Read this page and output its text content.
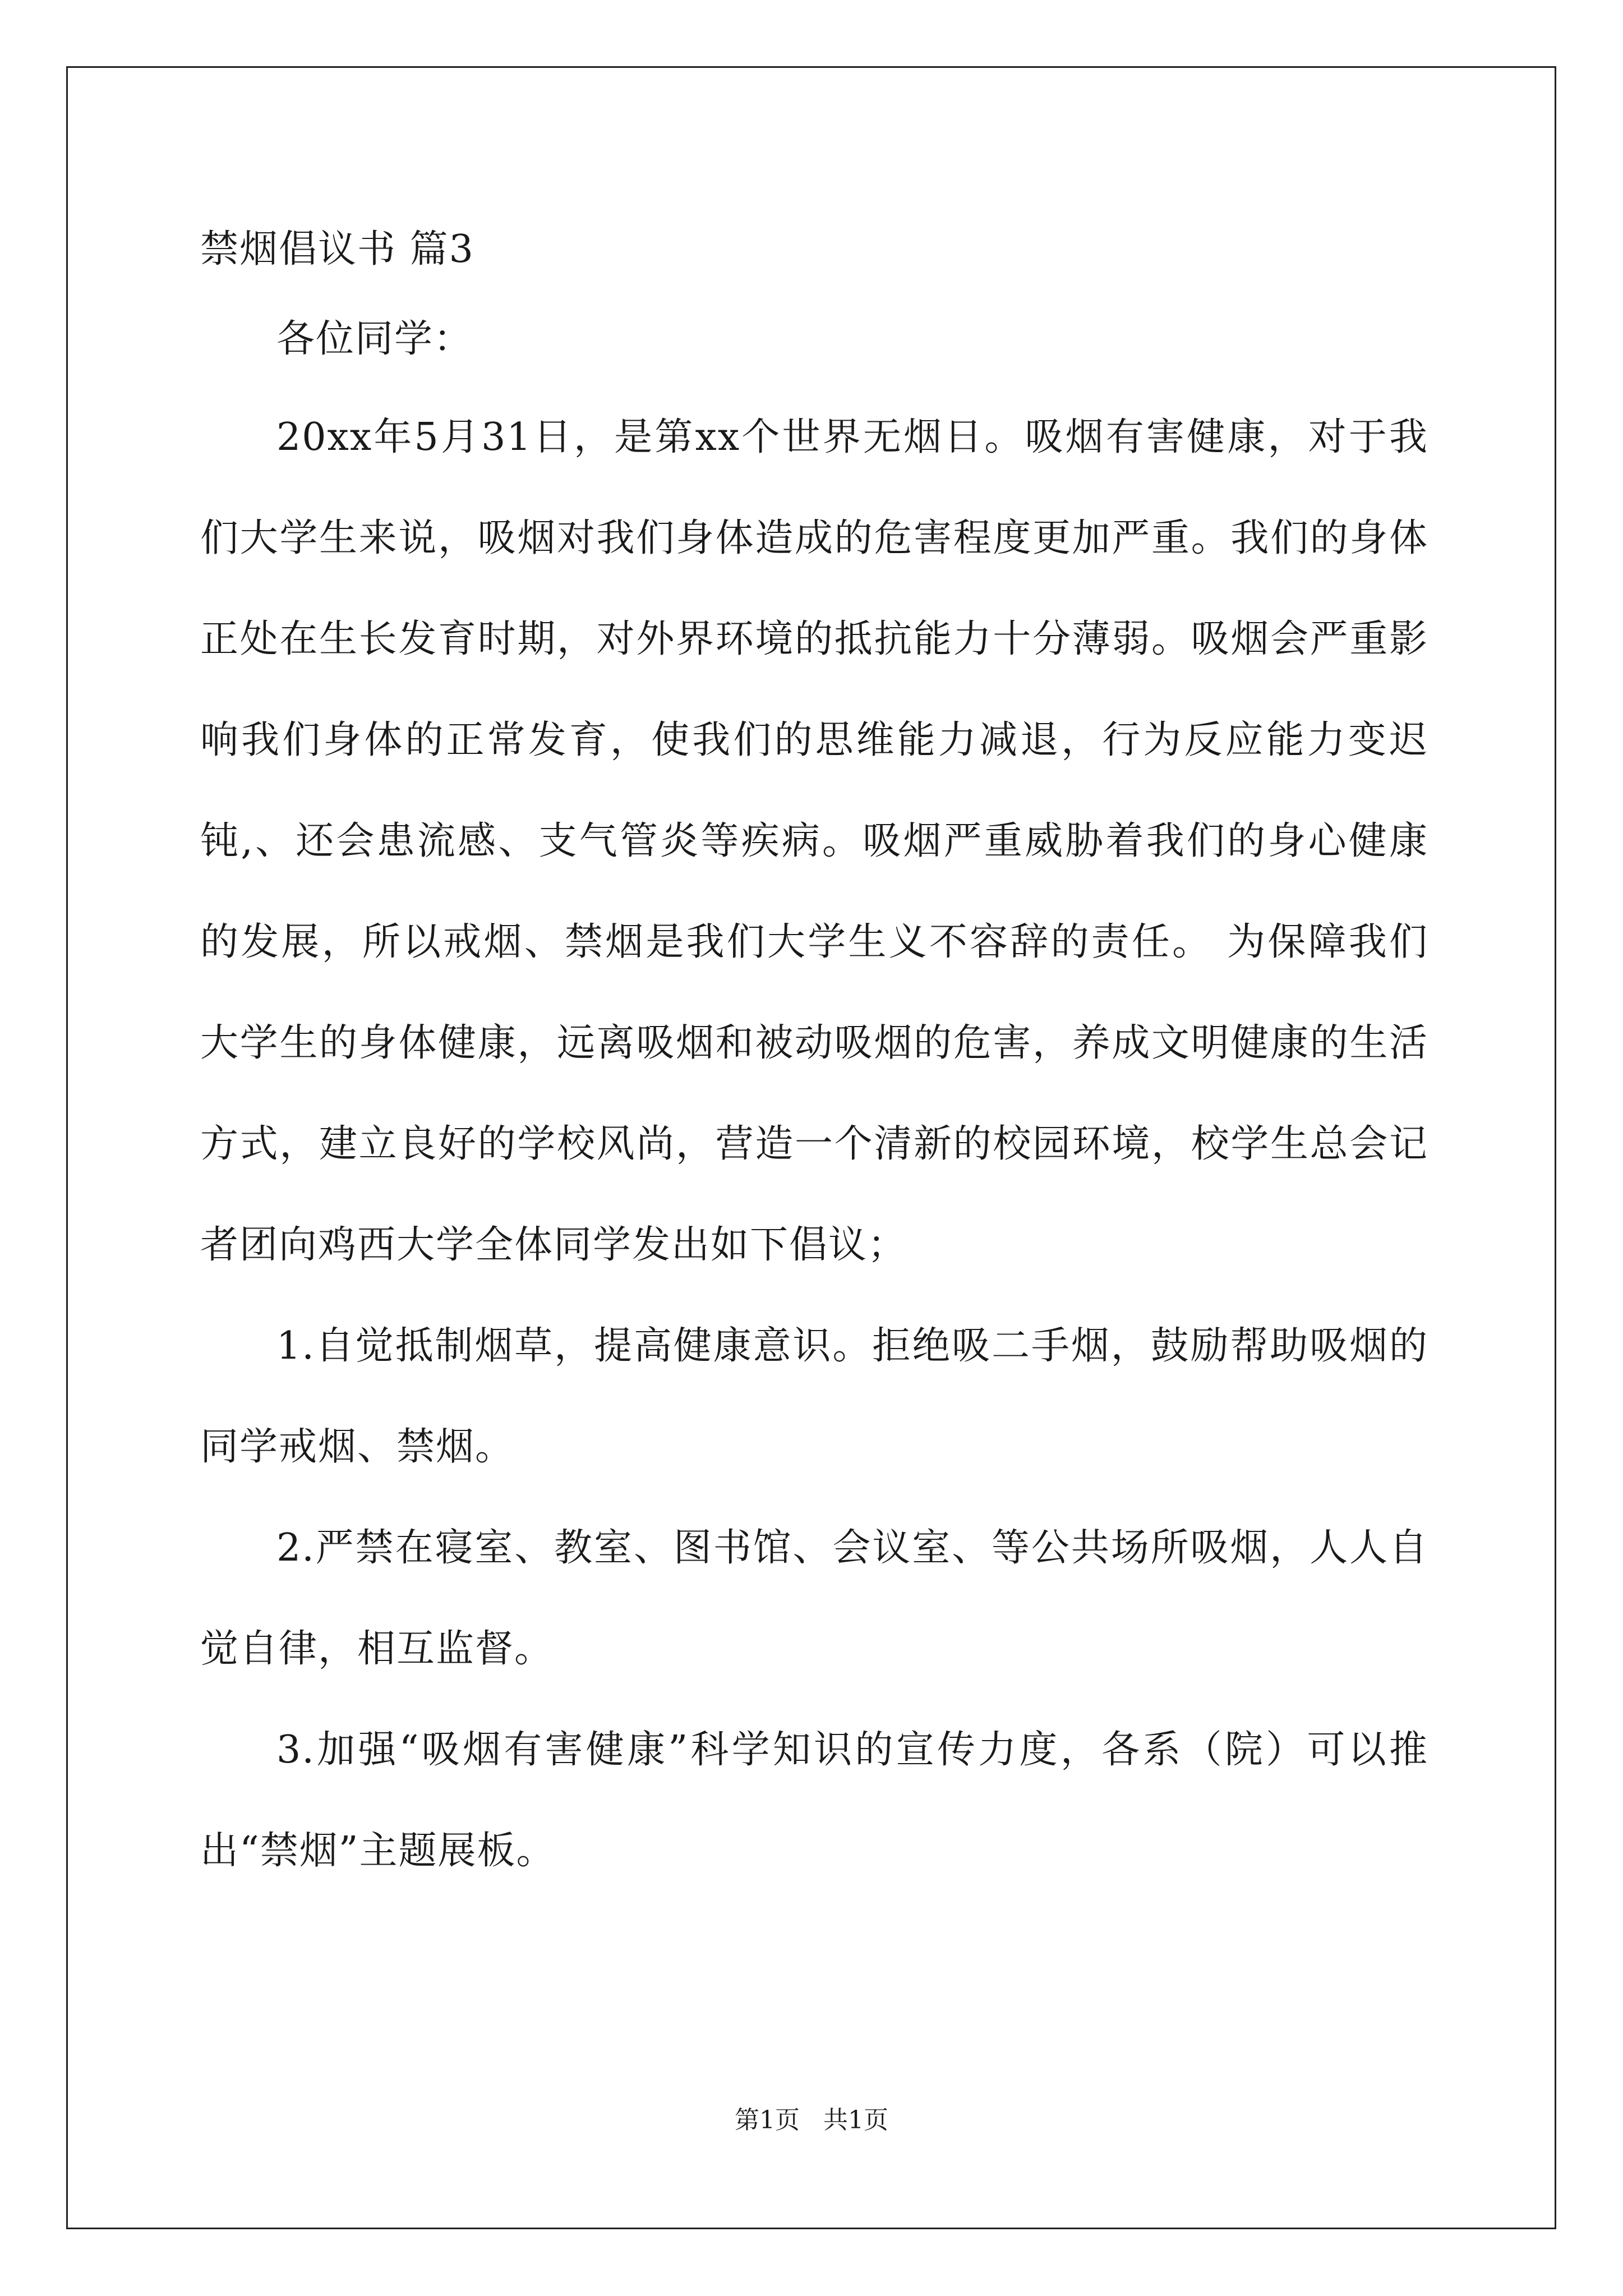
禁烟倡议书 篇3

各位同学：

20xx年5月31日，是第xx个世界无烟日。吸烟有害健康，对于我们大学生来说，吸烟对我们身体造成的危害程度更加严重。我们的身体正处在生长发育时期，对外界环境的抵抗能力十分薄弱。吸烟会严重影响我们身体的正常发育，使我们的思维能力减退，行为反应能力变迟钝,、还会患流感、支气管炎等疾病。吸烟严重威胁着我们的身心健康的发展，所以戒烟、禁烟是我们大学生义不容辞的责任。 为保障我们大学生的身体健康，远离吸烟和被动吸烟的危害，养成文明健康的生活方式，建立良好的学校风尚，营造一个清新的校园环境，校学生总会记者团向鸡西大学全体同学发出如下倡议；

1.自觉抵制烟草，提高健康意识。拒绝吸二手烟，鼓励帮助吸烟的同学戒烟、禁烟。

2.严禁在寝室、教室、图书馆、会议室、等公共场所吸烟，人人自觉自律，相互监督。

3.加强“吸烟有害健康”科学知识的宣传力度，各系（院）可以推出“禁烟”主题展板。

第1页 共1页
